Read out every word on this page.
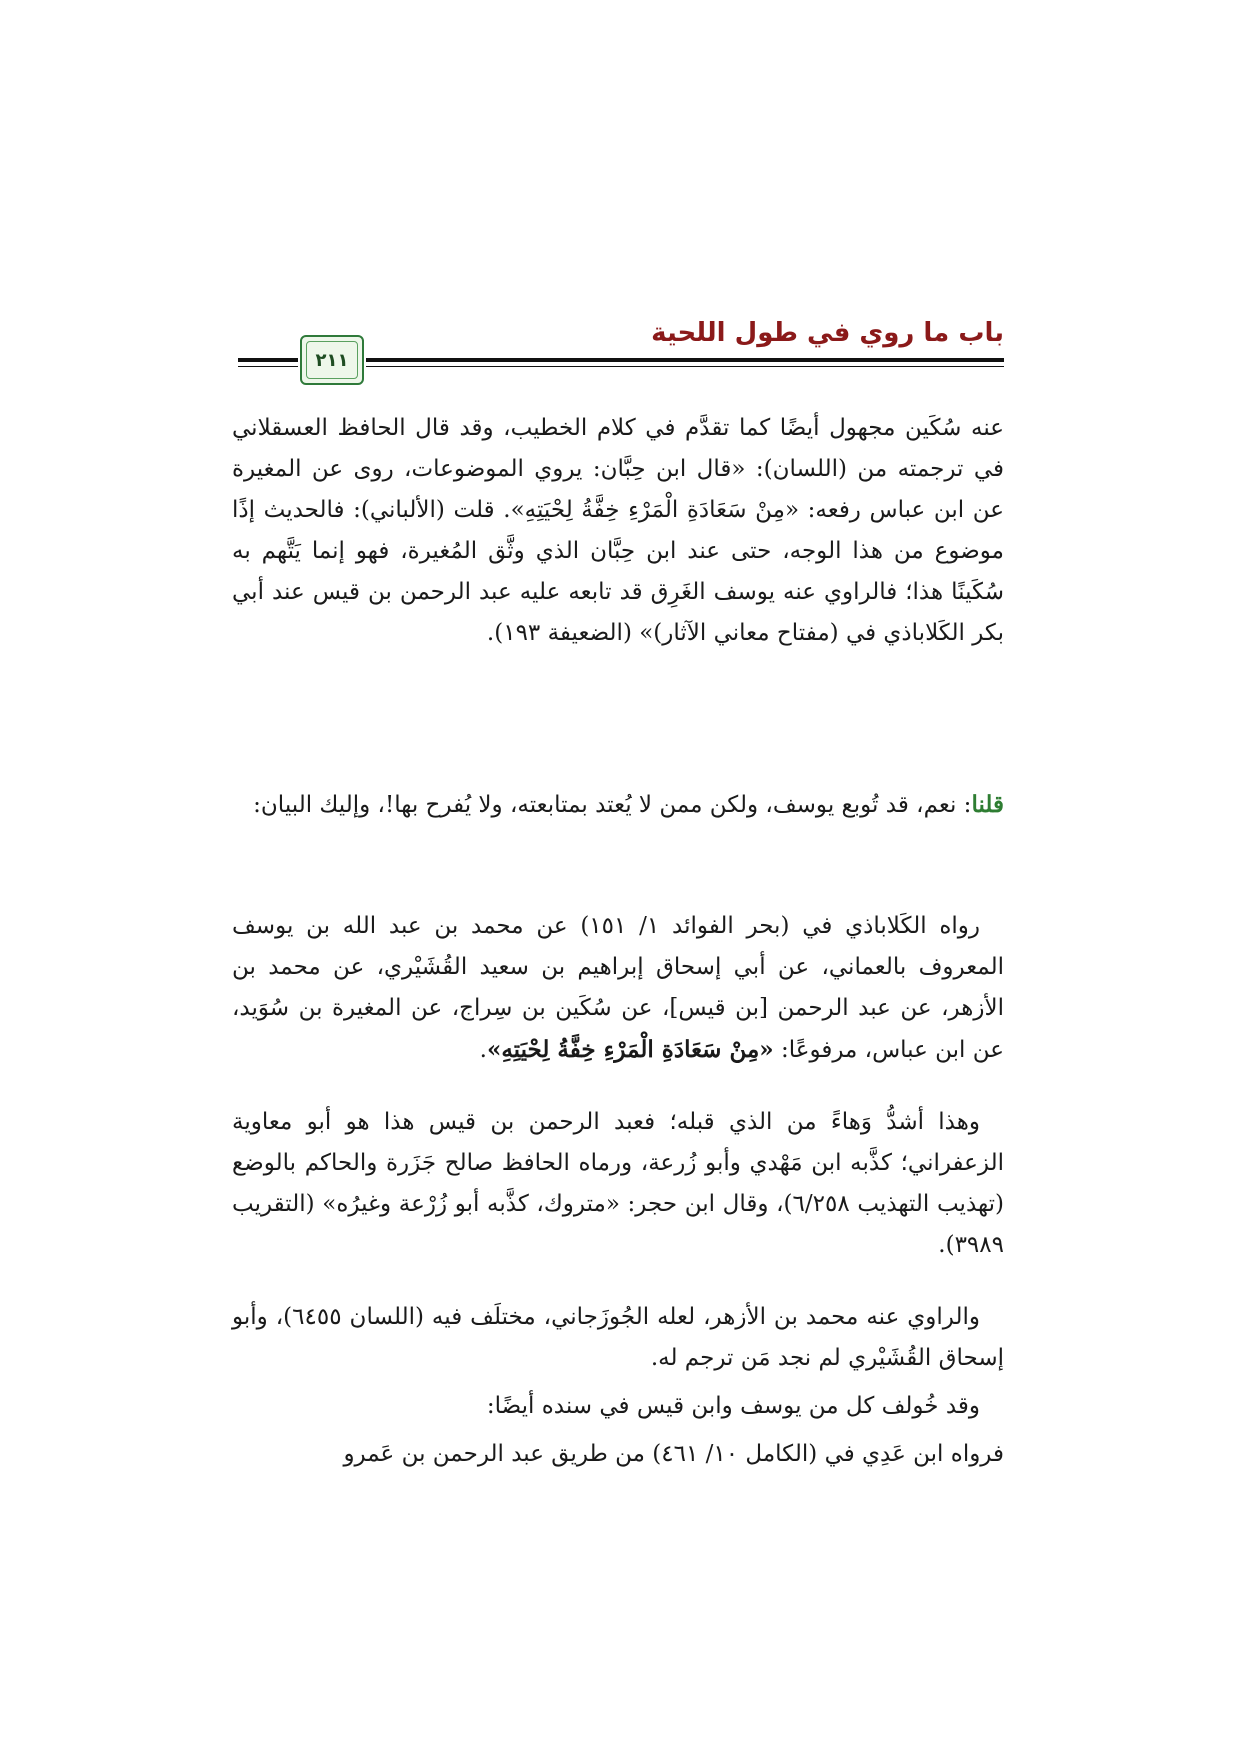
باب ما روي في طول اللحية
٢١١

عنه سُكَين مجهول أيضًا كما تقدَّم في كلام الخطيب، وقد قال الحافظ العسقلاني في ترجمته من (اللسان): «قال ابن حِبَّان: يروي الموضوعات، روى عن المغيرة عن ابن عباس رفعه: «مِنْ سَعَادَةِ الْمَرْءِ خِفَّةُ لِحْيَتِهِ». قلت (الألباني): فالحديث إذًا موضوع من هذا الوجه، حتى عند ابن حِبَّان الذي وثَّق المُغيرة، فهو إنما يَتَّهم به سُكَينًا هذا؛ فالراوي عنه يوسف الغَرِق قد تابعه عليه عبد الرحمن بن قيس عند أبي بكر الكَلاباذي في (مفتاح معاني الآثار)» (الضعيفة ١٩٣).

قلنا: نعم، قد تُوبع يوسف، ولكن ممن لا يُعتد بمتابعته، ولا يُفرح بها!، وإليك البيان:

رواه الكَلاباذي في (بحر الفوائد ١/ ١٥١) عن محمد بن عبد الله بن يوسف المعروف بالعماني، عن أبي إسحاق إبراهيم بن سعيد القُشَيْري، عن محمد بن الأزهر، عن عبد الرحمن [بن قيس]، عن سُكَين بن سِراج، عن المغيرة بن سُوَيد، عن ابن عباس، مرفوعًا: «مِنْ سَعَادَةِ الْمَرْءِ خِفَّةُ لِحْيَتِهِ».

وهذا أشدُّ وَهاءً من الذي قبله؛ فعبد الرحمن بن قيس هذا هو أبو معاوية الزعفراني؛ كذَّبه ابن مَهْدي وأبو زُرعة، ورماه الحافظ صالح جَزَرة والحاكم بالوضع (تهذيب التهذيب ٦/٢٥٨)، وقال ابن حجر: «متروك، كذَّبه أبو زُرْعة وغيرُه» (التقريب ٣٩٨٩).

والراوي عنه محمد بن الأزهر، لعله الجُوزَجاني، مختلَف فيه (اللسان ٦٤٥٥)، وأبو إسحاق القُشَيْري لم نجد مَن ترجم له.

وقد خُولف كل من يوسف وابن قيس في سنده أيضًا:

فرواه ابن عَدِي في (الكامل ١٠/ ٤٦١) من طريق عبد الرحمن بن عَمرو
